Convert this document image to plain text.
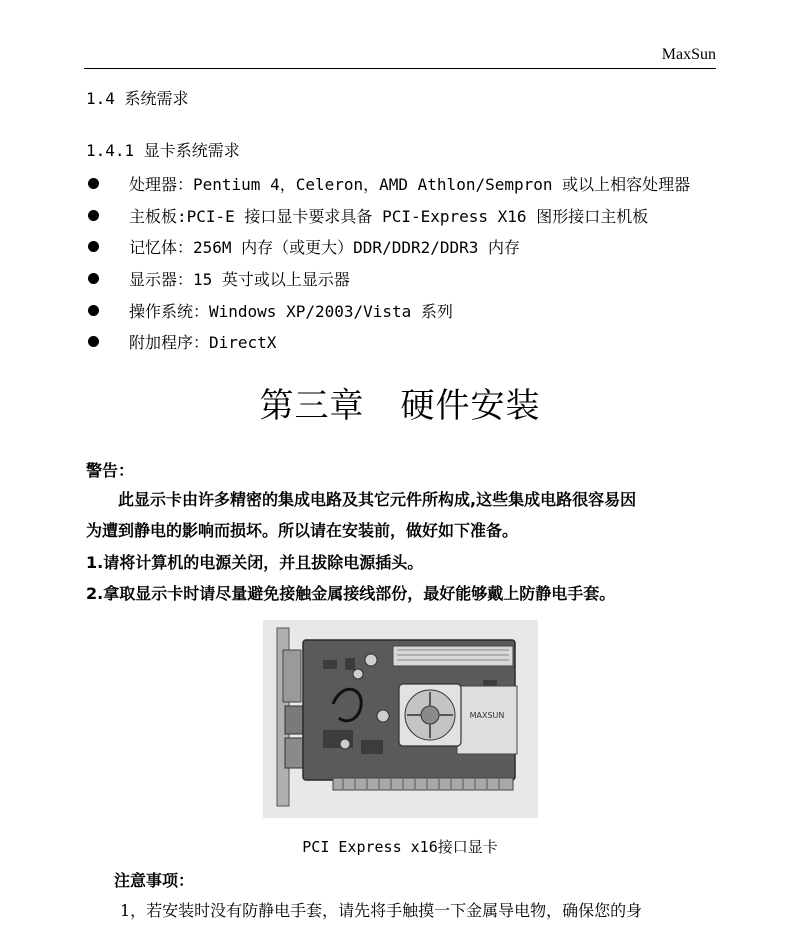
MaxSun
1.4 系统需求
1.4.1 显卡系统需求
处理器：Pentium 4，Celeron，AMD Athlon/Sempron 或以上相容处理器
主板板:PCI-E 接口显卡要求具备 PCI-Express X16 图形接口主机板
记忆体：256M 内存（或更大）DDR/DDR2/DDR3 内存
显示器：15 英寸或以上显示器
操作系统：Windows XP/2003/Vista 系列
附加程序：DirectX
第三章 硬件安装
警告：
　　此显示卡由许多精密的集成电路及其它元件所构成,这些集成电路很容易因
为遭到静电的影响而损坏。所以请在安装前，做好如下准备。
1.请将计算机的电源关闭，并且拔除电源插头。
2.拿取显示卡时请尽量避免接触金属接线部份，最好能够戴上防静电手套。
MAXSUN
PCI Express x16接口显卡
注意事项：
1，若安装时没有防静电手套，请先将手触摸一下金属导电物，确保您的身
